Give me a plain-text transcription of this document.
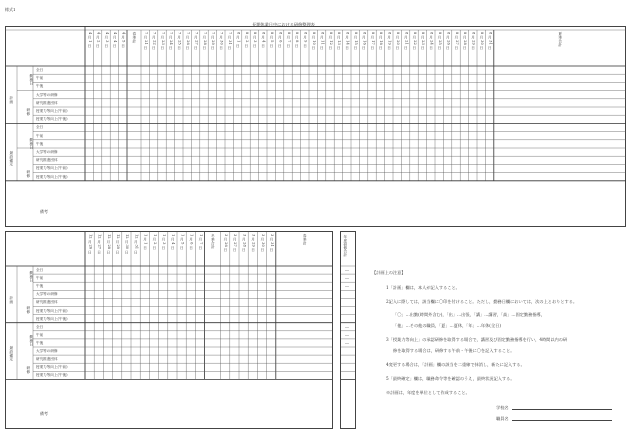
様式1
長期休業日中における研修整理表
4 月 1 日 4 月 2 日 4 月 3 日 4 月 4 日 4 月 5 日 春季計 7 月 21 日 7 月 22 日 7 月 23 日 7 月 24 日 7 月 25 日 7 月 26 日 7 月 27 日 7 月 28 日 7 月 29 日 7 月 30 日 7 月 31 日 8 月 1 日 8 月 2 日 8 月 3 日 8 月 4 日 8 月 5 日 8 月 6 日 8 月 7 日 8 月 8 日 8 月 9 日 8 月 10 日 8 月 11 日 8 月 12 日 8 月 13 日 8 月 14 日 8 月 15 日 8 月 16 日 8 月 17 日 8 月 18 日 8 月 19 日 8 月 20 日 8 月 21 日 8 月 22 日 8 月 23 日 8 月 24 日 8 月 25 日 8 月 26 日 8 月 27 日 8 月 28 日 8 月 29 日 8 月 30 日 8 月 31 日	夏季合計
全日
午前
午後
大学等の研修
研究推進団体
授業力等向上(午前)
授業力等向上(午後)
全日
午前
午後
大学等の研修
研究推進団体
授業力等向上(午前)
授業力等向上(午後)
計画
最終確定
勤務日
研修
勤務日
研修
備考
12 月 26 日 12 月 27 日 12 月 28 日 12 月 29 日 12 月 30 日 12 月 31 日 1 月 1 日 1 月 2 日 1 月 3 日 1 月 4 日 1 月 5 日 1 月 6 日 1 月 7 日 冬季合計 3 月 26 日 3 月 27 日 3 月 28 日 3 月 29 日 3 月 30 日 3 月 31 日	春季計
全日
午前
午後
大学等の研修
研究推進団体
授業力等向上(午前)
授業力等向上(午後)
全日
午前
午後
大学等の研修
研究推進団体
授業力等向上(午前)
授業力等向上(午後)
計画
最終確定
勤務日
研修
勤務日
研修
備考
年度研修合計
―
―
―
―
―
―
【計画上の注意】
1「計画」欄は，本人が記入すること。
2記入に際しては，該当欄に〇印を付けること。ただし，勤務日欄においては，次の上とおりとする。
「〇」…出勤(時間外含む)，「出」…出張，「講」…講習，「高」…固定勤務指導，
「他」…その他の職員，「夏」…夏休，「年」…年休(全日)
3「授業力等向上」の承認研修を取得する場合で，講習及び固定勤務指導を行い，4時間以内の研
修を取得する場合は，研修する午前・午後に〇を記入すること。
4変更する場合は，「計画」欄の該当を二重線で抹消し，新たに記入する。
5「最終確定」欄は，職務命令等を確認のうえ，最終状況記入する。
※計画は，年度を単位として作成すること。
学校名
職員名
